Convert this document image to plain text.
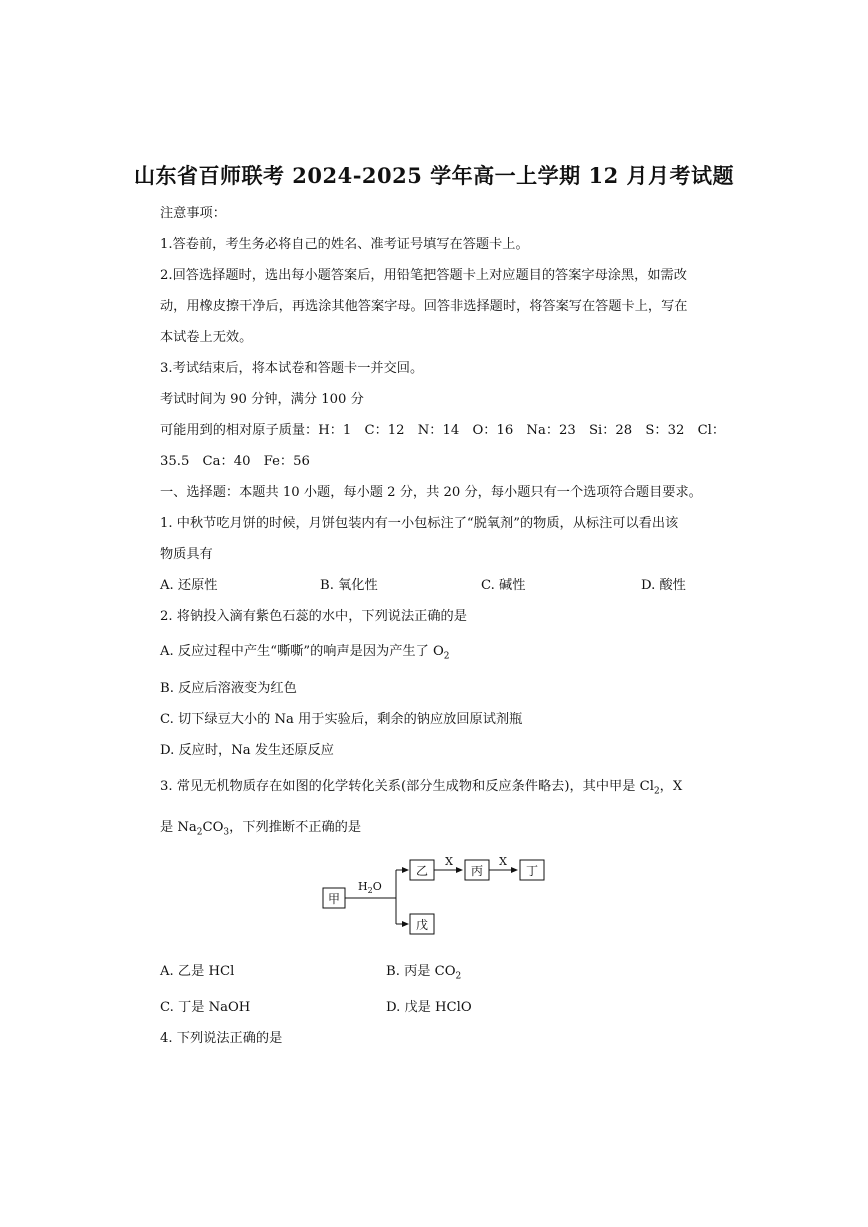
山东省百师联考 2024-2025 学年高一上学期 12 月月考试题
注意事项：
1.答卷前，考生务必将自己的姓名、准考证号填写在答题卡上。
2.回答选择题时，选出每小题答案后，用铅笔把答题卡上对应题目的答案字母涂黑，如需改
动，用橡皮擦干净后，再选涂其他答案字母。回答非选择题时，将答案写在答题卡上，写在
本试卷上无效。
3.考试结束后，将本试卷和答题卡一并交回。
考试时间为 90 分钟，满分 100 分
可能用到的相对原子质量：H：1　C：12　N：14　O：16　Na：23　Si：28　S：32　Cl：
35.5　Ca：40　Fe：56
一、选择题：本题共 10 小题，每小题 2 分，共 20 分，每小题只有一个选项符合题目要求。
1. 中秋节吃月饼的时候，月饼包装内有一小包标注了“脱氧剂”的物质，从标注可以看出该
物质具有
A. 还原性	B. 氧化性	C. 碱性	D. 酸性
2. 将钠投入滴有紫色石蕊的水中，下列说法正确的是
A. 反应过程中产生“嘶嘶”的响声是因为产生了 $O_2$
B. 反应后溶液变为红色
C. 切下绿豆大小的 Na 用于实验后，剩余的钠应放回原试剂瓶
D. 反应时，Na 发生还原反应
3. 常见无机物质存在如图的化学转化关系(部分生成物和反应条件略去)，其中甲是 $Cl_2$，X
是 $Na_2CO_3$，下列推断不正确的是
甲
$H_2O$
乙
X
丙
X
丁
戊
A. 乙是 HCl	B. 丙是 $CO_2$
C. 丁是 NaOH	D. 戊是 HClO
4. 下列说法正确的是
